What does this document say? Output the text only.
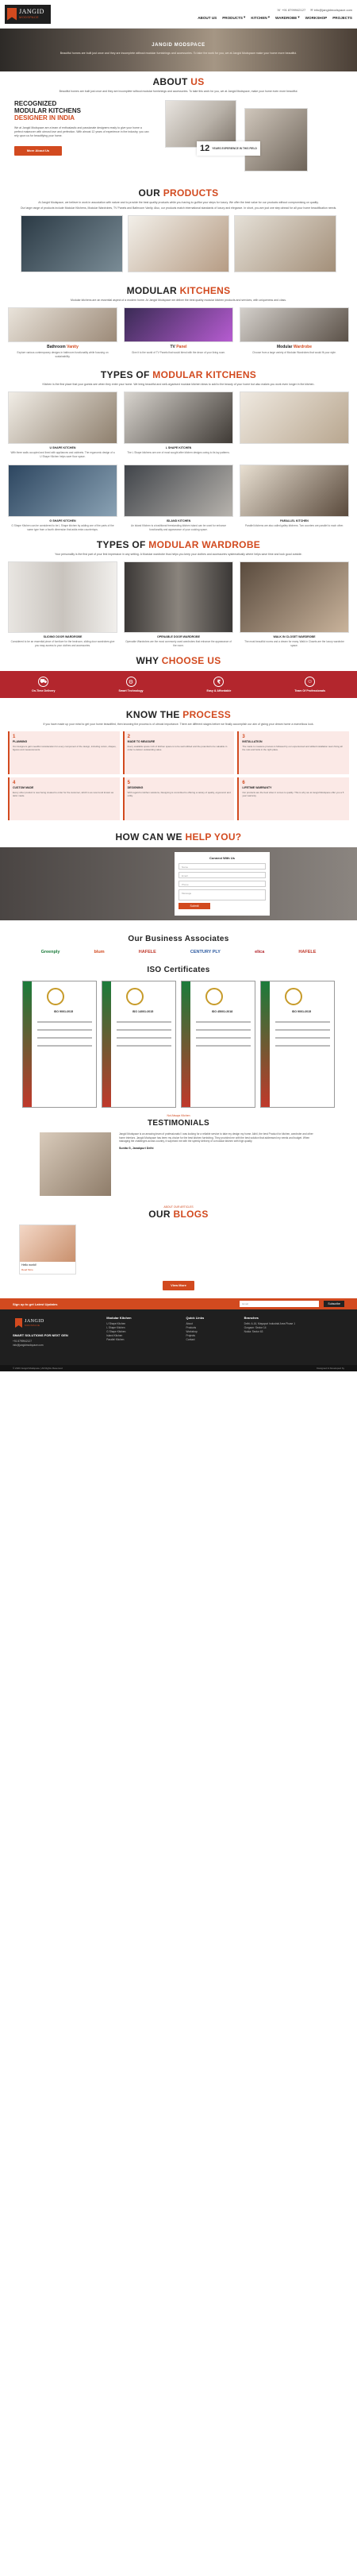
JANGID
MODSPACE
☏ +91 8799942127 ✉ info@jangidmodspace.com
ABOUT US PRODUCTS ▾ KITCHEN ▾ WARDROBE ▾ WORKSHOP PROJECTS
JANGID MODSPACE
Beautiful homes are built just once and they are incomplete without modular furnishings and accessories. To take the work for you, we at Jangid Modspace make your home more beautiful.
ABOUT US
Beautiful homes are built just once and they are incomplete without modular furnishings and accessories. To take this work for you, we at Jangid Modspace, make your home even more beautiful.
RECOGNIZED
MODULAR KITCHENS
DESIGNER IN INDIA
We at Jangid Modspace are a team of enthusiastic and passionate designers ready to give your home a perfect makeover with utmost love and perfection. With almost 12 years of experience in the industry, you can rely upon us for beautifying your home.
More About Us	12 YEARS EXPERIENCE IN THIS FIELD
OUR PRODUCTS
At Jangid Modspace, we believe in work in association with nature and to provide the best quality products while you having to go/like your steps for luxury. We offer the best value for our products without compromising on quality.
Our large range of products include Modular Kitchens, Modular Wardrobes, TV Panels and Bathroom Vanity. Also, our products match international standards of luxury and elegance. In short, you are just one step ahead for all your home beautification needs.
MODULAR KITCHENS
Modular kitchens are an essential aspect of a modern home. At Jangid Modspace we deliver the best quality modular kitchen products and services, with uniqueness and class.
Bathroom Vanity
Explore various contemporary designs in bathroom functionality while focusing on sustainability.
TV Panel
Give it to the world of TV Panels that would blend with the decor of your living room.
Modular Wardrobe
Choose from a large variety of Modular Wardrobes that would fit your style.
TYPES OF MODULAR KITCHENS
Kitchen is the first place that your guests see when they enter your home. We bring beautiful and well-organised modular kitchen ideas to add to the beauty of your home but also makes you work even longer in the kitchen.
U SHAPE KITCHEN
With three walls occupied and lined with appliances and cabinets. The ergonomic design of a U Shape Kitchen helps save floor space.
L SHAPE KITCHEN
The L Shape kitchens are one of most sought after kitchen designs owing to its lay patterns.
G SHAPE KITCHEN
G Shape Kitchen can be considered to be L Shape kitchen by adding one of the parts of the same type from a fourth dimension that adds extra countertops.
ISLAND KITCHEN
An Island Kitchen is a traditional freestanding kitchen island can be used for enhance functionality and appearance of your cooking space.
PARALLEL KITCHEN
Parallel kitchens are also called galley kitchens. Two counters are parallel to each other.
TYPES OF MODULAR WARDROBE
Your personality is the first part of your first impression in any setting. A Modular wardrobe thus helps you keep your clothes and accessories systematically where helps save time and look good outside.
SLIDING DOOR WARDROBE
Considered to be an essential piece of furniture for the bedroom, sliding door wardrobes give you easy access to your clothes and accessories.
OPENABLE DOOR WARDROBE
Openable Wardrobes are the most commonly used wardrobes that enhance the appearance of the room.
WALK IN CLOSET WARDROBE
The most beautiful rooms and a dream for many. Walk in Closets are the luxury wardrobe space.
WHY CHOOSE US
⛟
On-Time Delivery
⚙
Smart Technology
₹
Easy & Affordable
☺
Team Of Professionals
KNOW THE PROCESS
If you have made up your mind to get your home beautified, then knowing the process is of utmost importance. There are different stages before we finally accomplish our aim of giving your dream home a marvellous look.
1
PLANNING
Our designers gain needful consideration for every component of the design, including colors, shapes, figures and measurements.
2
MADE TO MEASURE
Every available space inch of kitchen space is to be well utilized and the potential to be valuable in order to deliver outstanding value.
3
INSTALLATION
The made to measure process is followed by our experienced and skilled installation team fixing all the nuts and bolts in the right place.
4
CUSTOM MADE
Every other product is now being created to order for the customer, which is as new trend known as tailor made.
5
DESIGNING
With regard to kitchen solutions, Designing is committed to offering a variety of quality, ergonomic and utility.
6
LIFETIME WARRANTY
Our products are the best when it comes to quality. This is why we at Jangid Modspace offer you a 5 year warranty.
HOW CAN WE HELP YOU?
Connect With Us
Name
Email
Phone
Message
Submit
Our Business Associates
Greenply	blum	HAFELE	CENTURY PLY	elica	HAFELE
ISO Certificates
ISO 9001:2015	ISO 14001:2015	ISO 45001:2018	ISO 9001:2015
Not Always Kitchen
TESTIMONIALS
Jangid Modspace is an amazing team of professionals! I was looking for a reliable service to take my design my home. Akhil, the best Product for kitchen, wardrobe and other home interiors. Jangid Modspace has been my choice for the best kitchen furnishing. They provided me with the best solution that addressed my needs and budget. When managing the challenges across country, it surprised me with the speedy delivery of a modular kitchen with high quality.
Sunita G, Janakpuri Delhi
ABOUT OUR ARTICLES
OUR BLOGS
Hello world!
Read More
View More
Sign up to get Latest Updates	Email	Subscribe
JANGID
MODSPACE
SMART SOLUTIONS FOR NEXT GEN
+91 8799942127
info@jangidmodspace.com
Modular Kitchen
U Shape Kitchen
L Shape Kitchen
G Shape Kitchen
Island Kitchen
Parallel Kitchen
Quick Links
About
Products
Workshop
Projects
Contact
Branches
Delhi: A-16, Mayapuri Industrial Area Phase 1
Gurgaon: Sector 14
Noida: Sector 63
© 2023 Jangid Modspace | All Rights Reserved	Designed & Developed by
